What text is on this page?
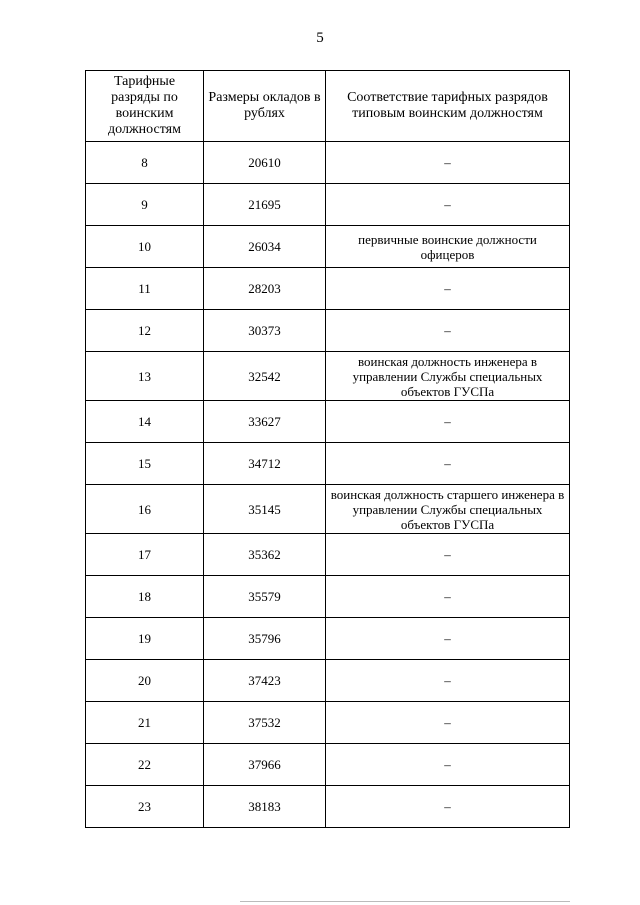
5
Тарифные разряды по воинским должностям	Размеры окладов в рублях	Соответствие тарифных разрядов типовым воинским должностям
8	20610	–
9	21695	–
10	26034	первичные воинские должности офицеров
11	28203	–
12	30373	–
13	32542	воинская должность инженера в управлении Службы специальных объектов ГУСПа
14	33627	–
15	34712	–
16	35145	воинская должность старшего инженера в управлении Службы специальных объектов ГУСПа
17	35362	–
18	35579	–
19	35796	–
20	37423	–
21	37532	–
22	37966	–
23	38183	–
